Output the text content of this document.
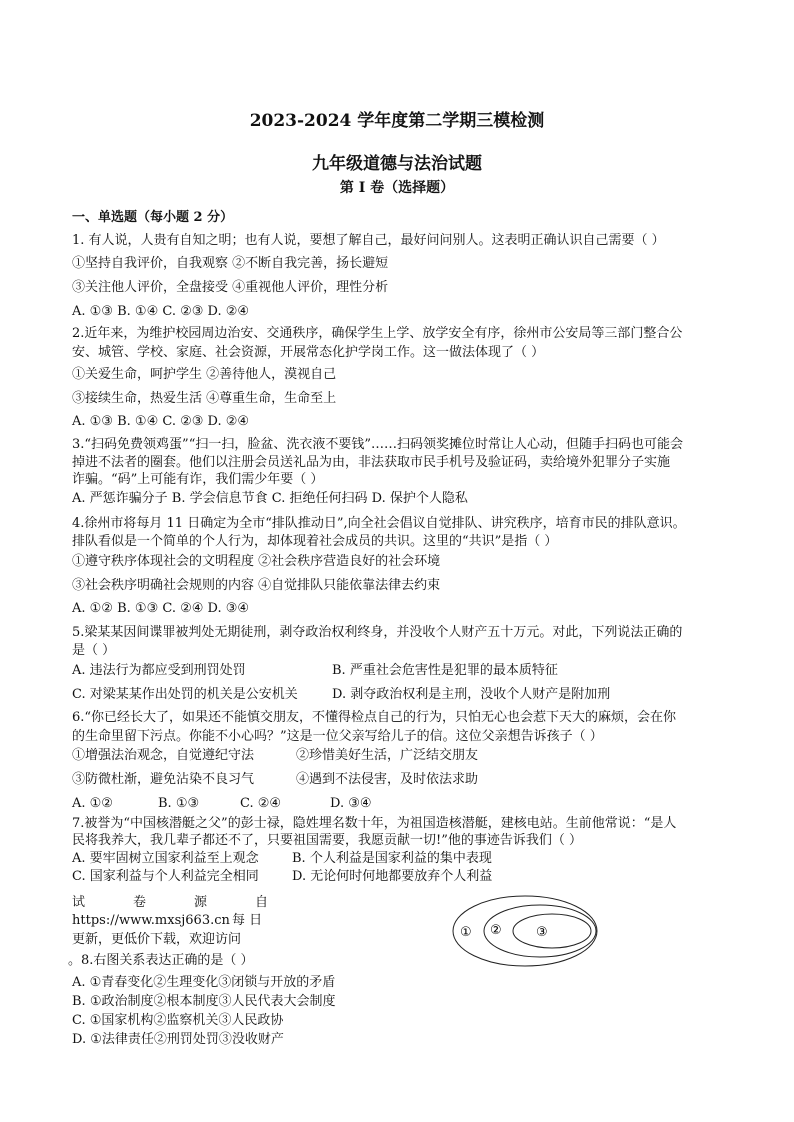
2023-2024 学年度第二学期三模检测
九年级道德与法治试题
第 I 卷（选择题）
一、单选题（每小题 2 分）
1. 有人说，人贵有自知之明；也有人说，要想了解自己，最好问问别人。这表明正确认识自己需要（ ）
①坚持自我评价，自我观察 ②不断自我完善，扬长避短
③关注他人评价，全盘接受 ④重视他人评价，理性分析
A. ①③ B. ①④ C. ②③ D. ②④
2.近年来，为维护校园周边治安、交通秩序，确保学生上学、放学安全有序，徐州市公安局等三部门整合公
安、城管、学校、家庭、社会资源，开展常态化护学岗工作。这一做法体现了（ ）
①关爱生命，呵护学生 ②善待他人，漠视自己
③接续生命，热爱生活 ④尊重生命，生命至上
A. ①③ B. ①④ C. ②③ D. ②④
3.“扫码免费领鸡蛋”“扫一扫，脸盆、洗衣液不要钱”……扫码领奖摊位时常让人心动，但随手扫码也可能会
掉进不法者的圈套。他们以注册会员送礼品为由，非法获取市民手机号及验证码，卖给境外犯罪分子实施
诈骗。“码”上可能有诈，我们需少年要（ ）
A. 严惩诈骗分子 B. 学会信息节食 C. 拒绝任何扫码 D. 保护个人隐私
4.徐州市将每月 11 日确定为全市“排队推动日”,向全社会倡议自觉排队、讲究秩序，培育市民的排队意识。
排队看似是一个简单的个人行为，却体现着社会成员的共识。这里的“共识”是指（ ）
①遵守秩序体现社会的文明程度 ②社会秩序营造良好的社会环境
③社会秩序明确社会规则的内容 ④自觉排队只能依靠法律去约束
A. ①② B. ①③ C. ②④ D. ③④
5.梁某某因间谍罪被判处无期徒刑，剥夺政治权利终身，并没收个人财产五十万元。对此，下列说法正确的
是（ ）
A. 违法行为都应受到刑罚处罚	B. 严重社会危害性是犯罪的最本质特征
C. 对梁某某作出处罚的机关是公安机关	D. 剥夺政治权利是主刑，没收个人财产是附加刑
6.“你已经长大了，如果还不能慎交朋友，不懂得检点自己的行为，只怕无心也会惹下天大的麻烦，会在你
的生命里留下污点。你能不小心吗？”这是一位父亲写给儿子的信。这位父亲想告诉孩子（ ）
①增强法治观念，自觉遵纪守法	②珍惜美好生活，广泛结交朋友
③防微杜渐，避免沾染不良习气	④遇到不法侵害，及时依法求助
A. ①②	B. ①③	C. ②④	D. ③④
7.被誉为“中国核潜艇之父”的彭士禄，隐姓埋名数十年，为祖国造核潜艇，建核电站。生前他常说：“是人
民将我养大，我几辈子都还不了，只要祖国需要，我愿贡献一切!”他的事迹告诉我们（ ）
A. 要牢固树立国家利益至上观念	B. 个人利益是国家利益的集中表现
C. 国家利益与个人利益完全相同	D. 无论何时何地都要放弃个人利益
试	卷	源	自
https://www.mxsj663.cn 每 日
更新，更低价下载，欢迎访问
。8.右图关系表达正确的是（ ）
A. ①青春变化②生理变化③闭锁与开放的矛盾
B. ①政治制度②根本制度③人民代表大会制度
C. ①国家机构②监察机关③人民政协
D. ①法律责任②刑罚处罚③没收财产
① ②	③
